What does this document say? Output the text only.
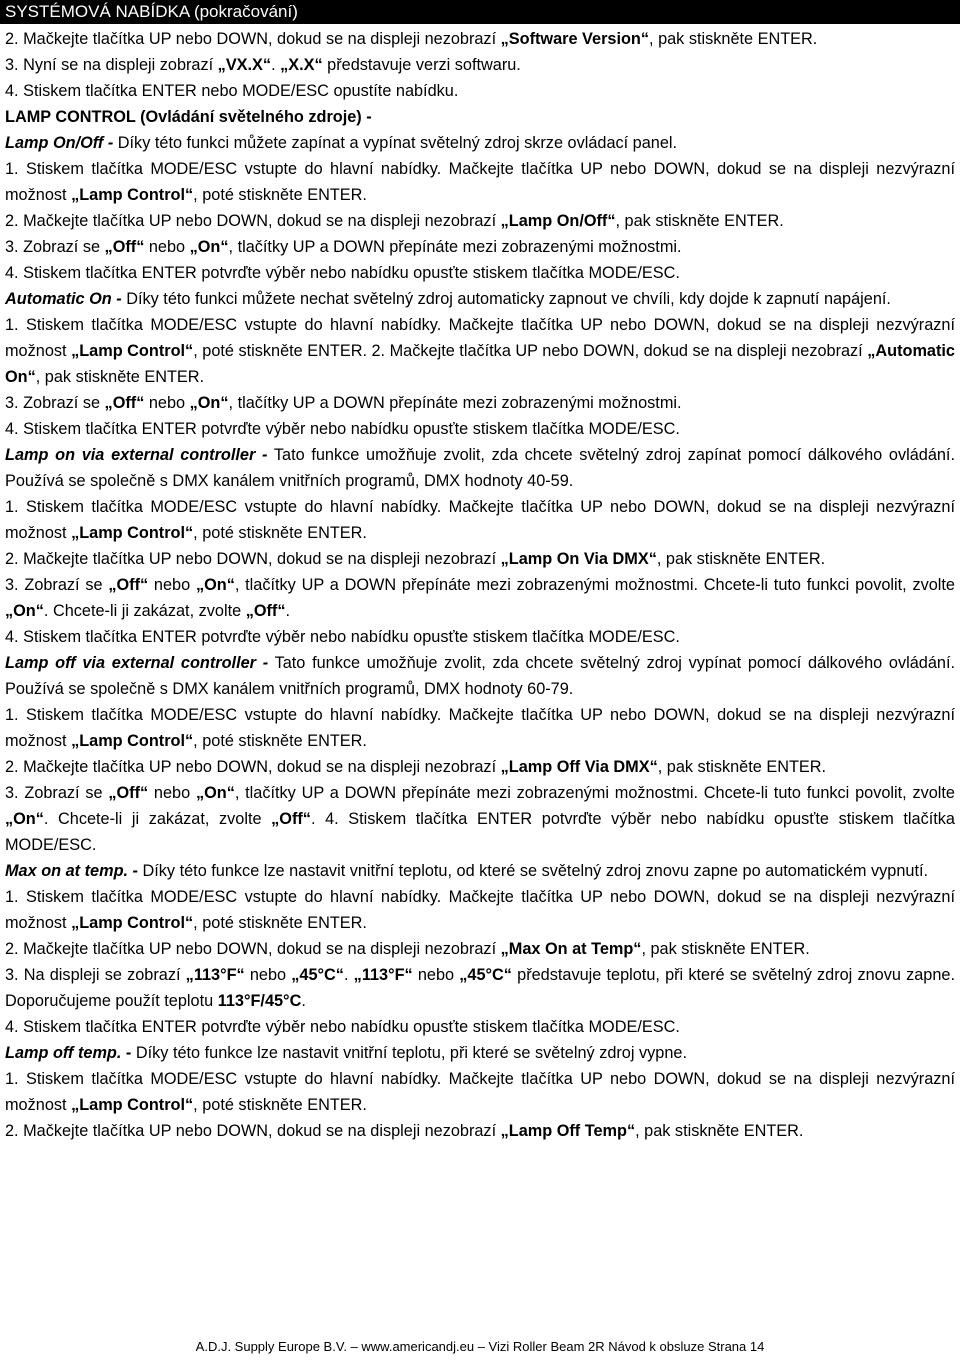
SYSTÉMOVÁ NABÍDKA (pokračování)

2. Mačkejte tlačítka UP nebo DOWN, dokud se na displeji nezobrazí „Software Version“, pak stiskněte ENTER.

3. Nyní se na displeji zobrazí „VX.X“. „X.X“ představuje verzi softwaru.

4. Stiskem tlačítka ENTER nebo MODE/ESC opustíte nabídku.

LAMP CONTROL (Ovládání světelného zdroje) -

Lamp On/Off - Díky této funkci můžete zapínat a vypínat světelný zdroj skrze ovládací panel.

1. Stiskem tlačítka MODE/ESC vstupte do hlavní nabídky. Mačkejte tlačítka UP nebo DOWN, dokud se na displeji nezvýrazní možnost „Lamp Control“, poté stiskněte ENTER.

2. Mačkejte tlačítka UP nebo DOWN, dokud se na displeji nezobrazí „Lamp On/Off“, pak stiskněte ENTER.

3. Zobrazí se „Off“ nebo „On“, tlačítky UP a DOWN přepínáte mezi zobrazenými možnostmi.

4. Stiskem tlačítka ENTER potvrďte výběr nebo nabídku opusťte stiskem tlačítka MODE/ESC.

Automatic On - Díky této funkci můžete nechat světelný zdroj automaticky zapnout ve chvíli, kdy dojde k zapnutí napájení.

1. Stiskem tlačítka MODE/ESC vstupte do hlavní nabídky. Mačkejte tlačítka UP nebo DOWN, dokud se na displeji nezvýrazní možnost „Lamp Control“, poté stiskněte ENTER. 2. Mačkejte tlačítka UP nebo DOWN, dokud se na displeji nezobrazí „Automatic On“, pak stiskněte ENTER.

3. Zobrazí se „Off“ nebo „On“, tlačítky UP a DOWN přepínáte mezi zobrazenými možnostmi.

4. Stiskem tlačítka ENTER potvrďte výběr nebo nabídku opusťte stiskem tlačítka MODE/ESC.

Lamp on via external controller - Tato funkce umožňuje zvolit, zda chcete světelný zdroj zapínat pomocí dálkového ovládání. Používá se společně s DMX kanálem vnitřních programů, DMX hodnoty 40-59.

1. Stiskem tlačítka MODE/ESC vstupte do hlavní nabídky. Mačkejte tlačítka UP nebo DOWN, dokud se na displeji nezvýrazní možnost „Lamp Control“, poté stiskněte ENTER.

2. Mačkejte tlačítka UP nebo DOWN, dokud se na displeji nezobrazí „Lamp On Via DMX“, pak stiskněte ENTER.

3. Zobrazí se „Off“ nebo „On“, tlačítky UP a DOWN přepínáte mezi zobrazenými možnostmi. Chcete-li tuto funkci povolit, zvolte „On“. Chcete-li ji zakázat, zvolte „Off“.

4. Stiskem tlačítka ENTER potvrďte výběr nebo nabídku opusťte stiskem tlačítka MODE/ESC.

Lamp off via external controller - Tato funkce umožňuje zvolit, zda chcete světelný zdroj vypínat pomocí dálkového ovládání. Používá se společně s DMX kanálem vnitřních programů, DMX hodnoty 60-79.

1. Stiskem tlačítka MODE/ESC vstupte do hlavní nabídky. Mačkejte tlačítka UP nebo DOWN, dokud se na displeji nezvýrazní možnost „Lamp Control“, poté stiskněte ENTER.

2. Mačkejte tlačítka UP nebo DOWN, dokud se na displeji nezobrazí „Lamp Off Via DMX“, pak stiskněte ENTER.

3. Zobrazí se „Off“ nebo „On“, tlačítky UP a DOWN přepínáte mezi zobrazenými možnostmi. Chcete-li tuto funkci povolit, zvolte „On“. Chcete-li ji zakázat, zvolte „Off“. 4. Stiskem tlačítka ENTER potvrďte výběr nebo nabídku opusťte stiskem tlačítka MODE/ESC.

Max on at temp. - Díky této funkce lze nastavit vnitřní teplotu, od které se světelný zdroj znovu zapne po automatickém vypnutí.

1. Stiskem tlačítka MODE/ESC vstupte do hlavní nabídky. Mačkejte tlačítka UP nebo DOWN, dokud se na displeji nezvýrazní možnost „Lamp Control“, poté stiskněte ENTER.

2. Mačkejte tlačítka UP nebo DOWN, dokud se na displeji nezobrazí „Max On at Temp“, pak stiskněte ENTER.

3. Na displeji se zobrazí „113°F“ nebo „45°C“. „113°F“ nebo „45°C“ představuje teplotu, při které se světelný zdroj znovu zapne. Doporučujeme použít teplotu 113°F/45°C.

4. Stiskem tlačítka ENTER potvrďte výběr nebo nabídku opusťte stiskem tlačítka MODE/ESC.

Lamp off temp. - Díky této funkce lze nastavit vnitřní teplotu, při které se světelný zdroj vypne.

1. Stiskem tlačítka MODE/ESC vstupte do hlavní nabídky. Mačkejte tlačítka UP nebo DOWN, dokud se na displeji nezvýrazní možnost „Lamp Control“, poté stiskněte ENTER.

2. Mačkejte tlačítka UP nebo DOWN, dokud se na displeji nezobrazí „Lamp Off Temp“, pak stiskněte ENTER.

A.D.J. Supply Europe B.V. – www.americandj.eu – Vizi Roller Beam 2R Návod k obsluze Strana 14
